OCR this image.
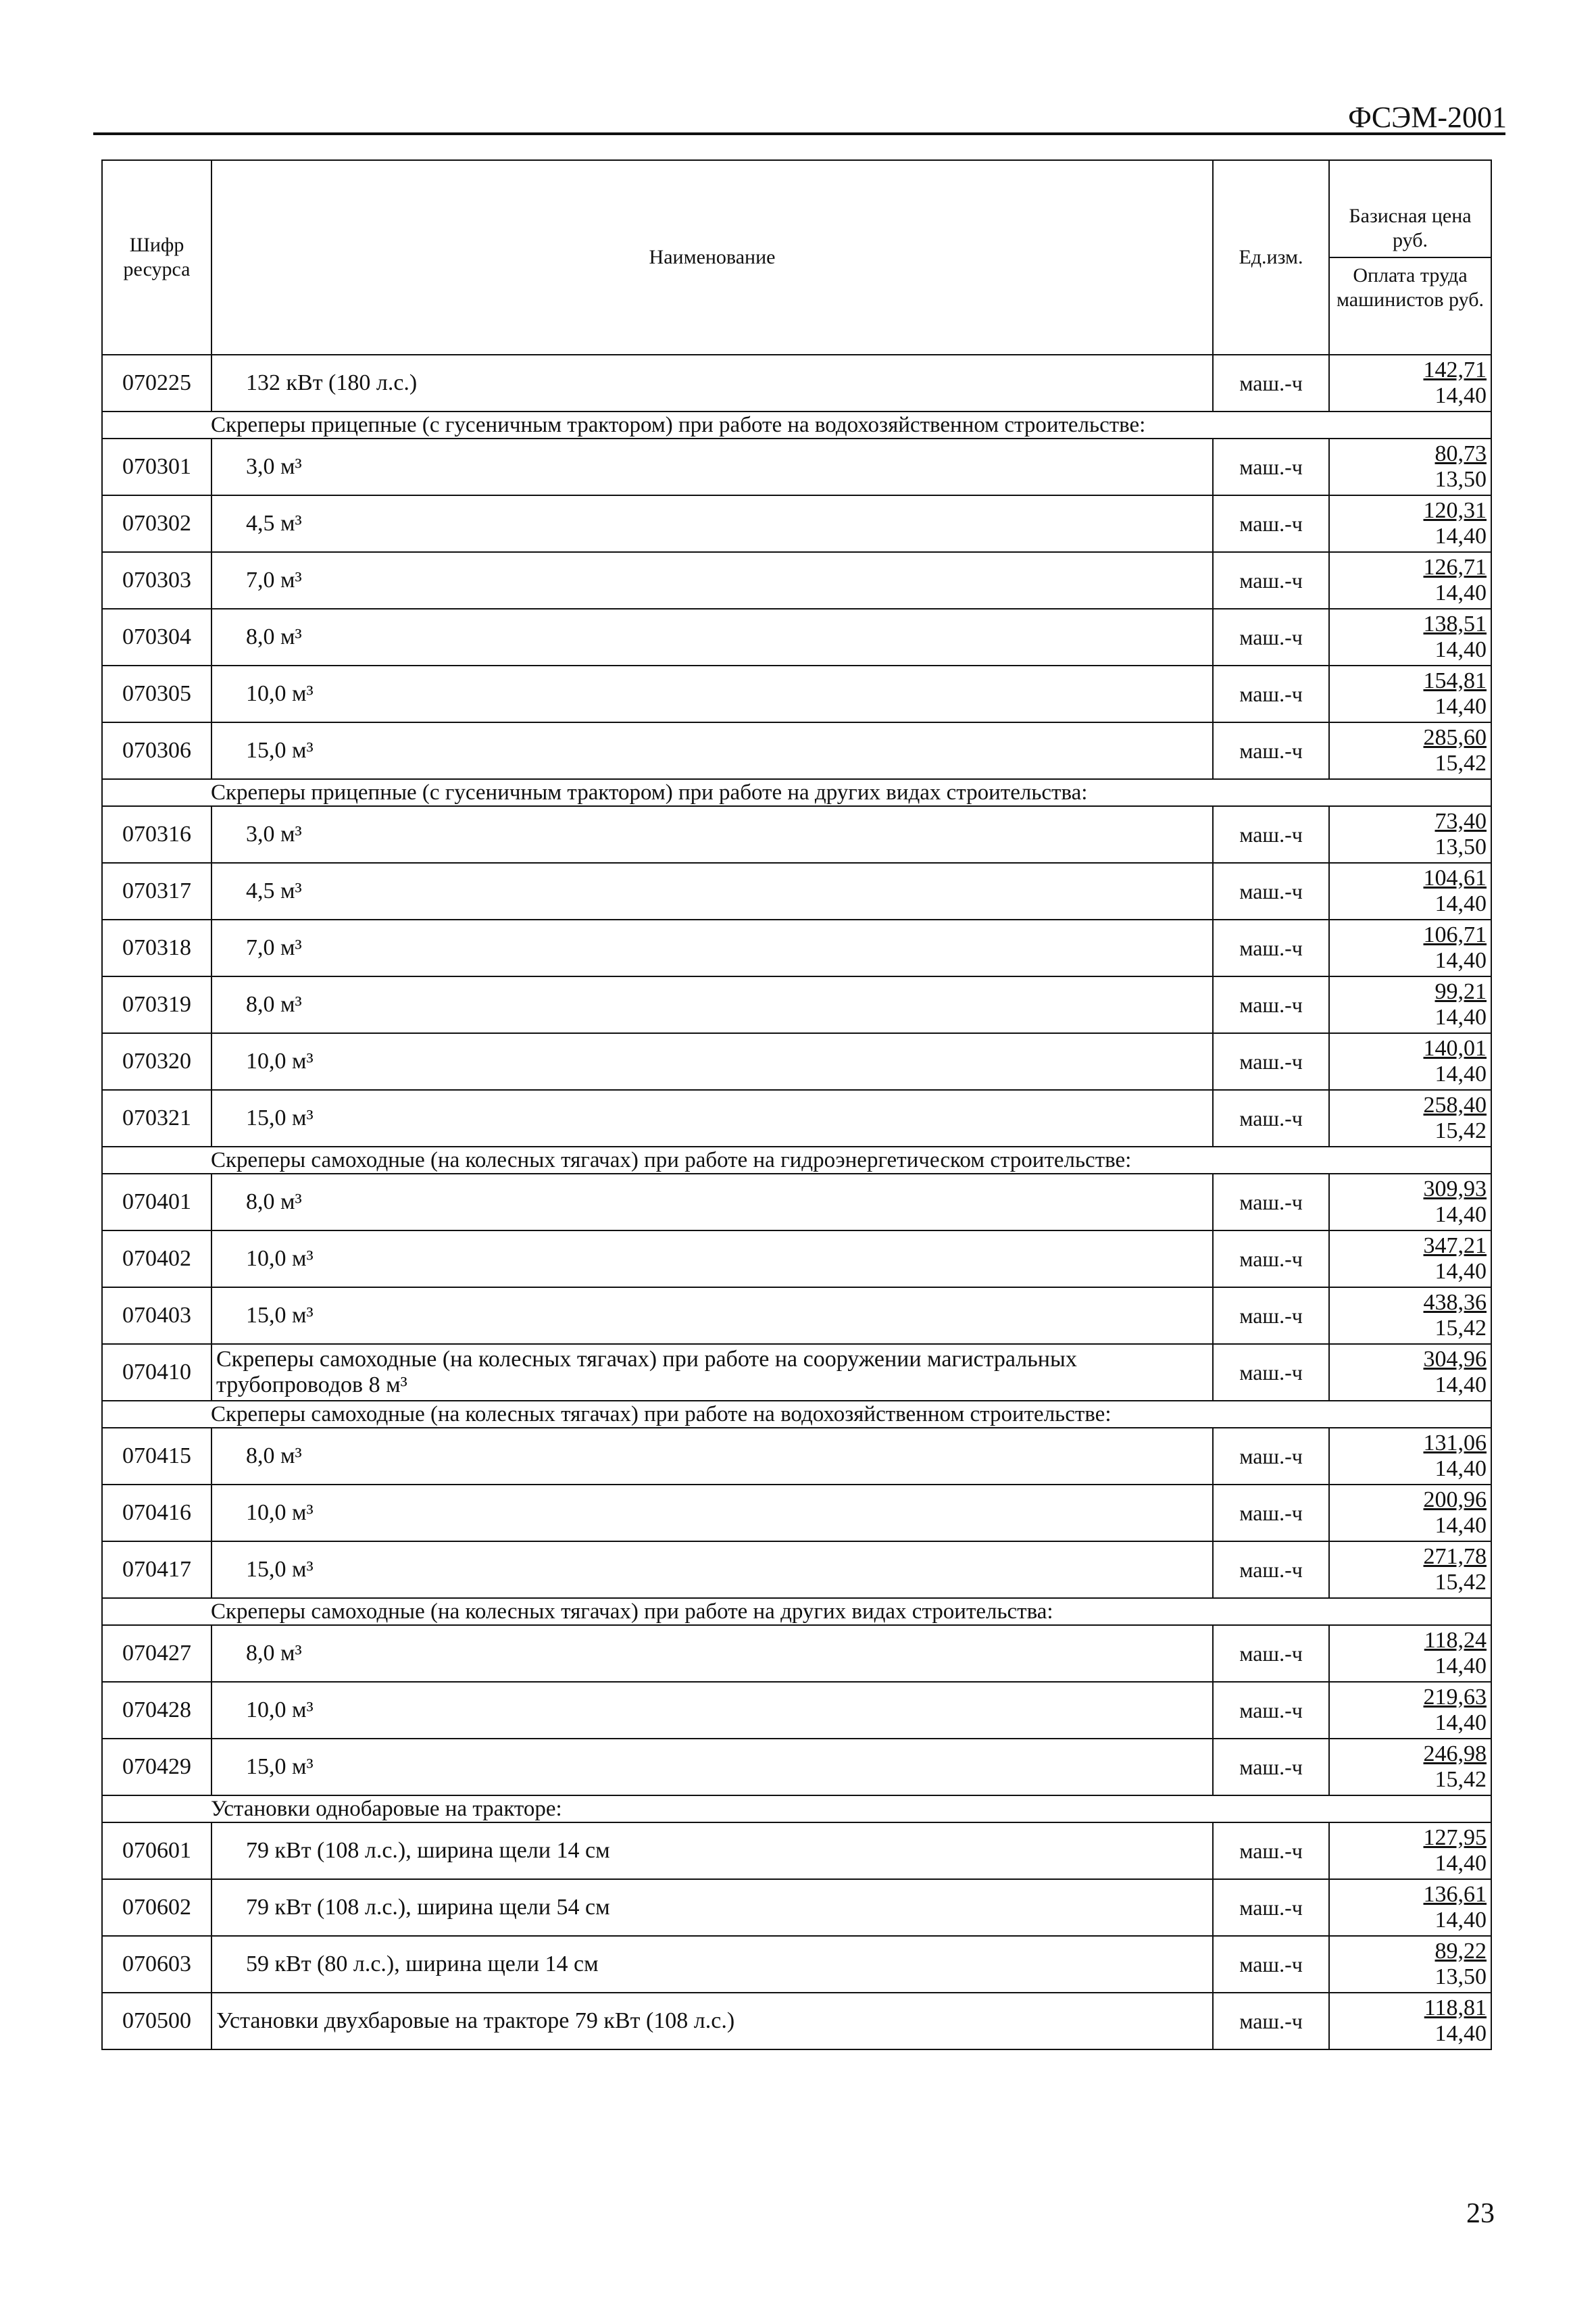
ФСЭМ-2001
Шифр ресурса	Наименование	Ед.изм.	Базисная цена руб.
Оплата труда машинистов руб.

070225	132 кВт (180 л.с.)	маш.-ч	142,71
14,40

Скреперы прицепные (с гусеничным трактором) при работе на водохозяйственном строительстве:			
070301	3,0 м³	маш.-ч	80,73
13,50

070302	4,5 м³	маш.-ч	120,31
14,40

070303	7,0 м³	маш.-ч	126,71
14,40

070304	8,0 м³	маш.-ч	138,51
14,40

070305	10,0 м³	маш.-ч	154,81
14,40

070306	15,0 м³	маш.-ч	285,60
15,42

Скреперы прицепные (с гусеничным трактором) при работе на других видах строительства:			
070316	3,0 м³	маш.-ч	73,40
13,50

070317	4,5 м³	маш.-ч	104,61
14,40

070318	7,0 м³	маш.-ч	106,71
14,40

070319	8,0 м³	маш.-ч	99,21
14,40

070320	10,0 м³	маш.-ч	140,01
14,40

070321	15,0 м³	маш.-ч	258,40
15,42

Скреперы самоходные (на колесных тягачах) при работе на гидроэнергетическом строительстве:			
070401	8,0 м³	маш.-ч	309,93
14,40

070402	10,0 м³	маш.-ч	347,21
14,40

070403	15,0 м³	маш.-ч	438,36
15,42

070410	Скреперы самоходные (на колесных тягачах) при работе на сооружении магистральных трубопроводов 8 м³	маш.-ч	304,96
14,40

Скреперы самоходные (на колесных тягачах) при работе на водохозяйственном строительстве:			
070415	8,0 м³	маш.-ч	131,06
14,40

070416	10,0 м³	маш.-ч	200,96
14,40

070417	15,0 м³	маш.-ч	271,78
15,42

Скреперы самоходные (на колесных тягачах) при работе на других видах строительства:			
070427	8,0 м³	маш.-ч	118,24
14,40

070428	10,0 м³	маш.-ч	219,63
14,40

070429	15,0 м³	маш.-ч	246,98
15,42

Установки однобаровые на тракторе:			
070601	79 кВт (108 л.с.), ширина щели 14 см	маш.-ч	127,95
14,40

070602	79 кВт (108 л.с.), ширина щели 54 см	маш.-ч	136,61
14,40

070603	59 кВт (80 л.с.), ширина щели 14 см	маш.-ч	89,22
13,50

070500	Установки двухбаровые на тракторе 79 кВт (108 л.с.)	маш.-ч	118,81
14,40
23
